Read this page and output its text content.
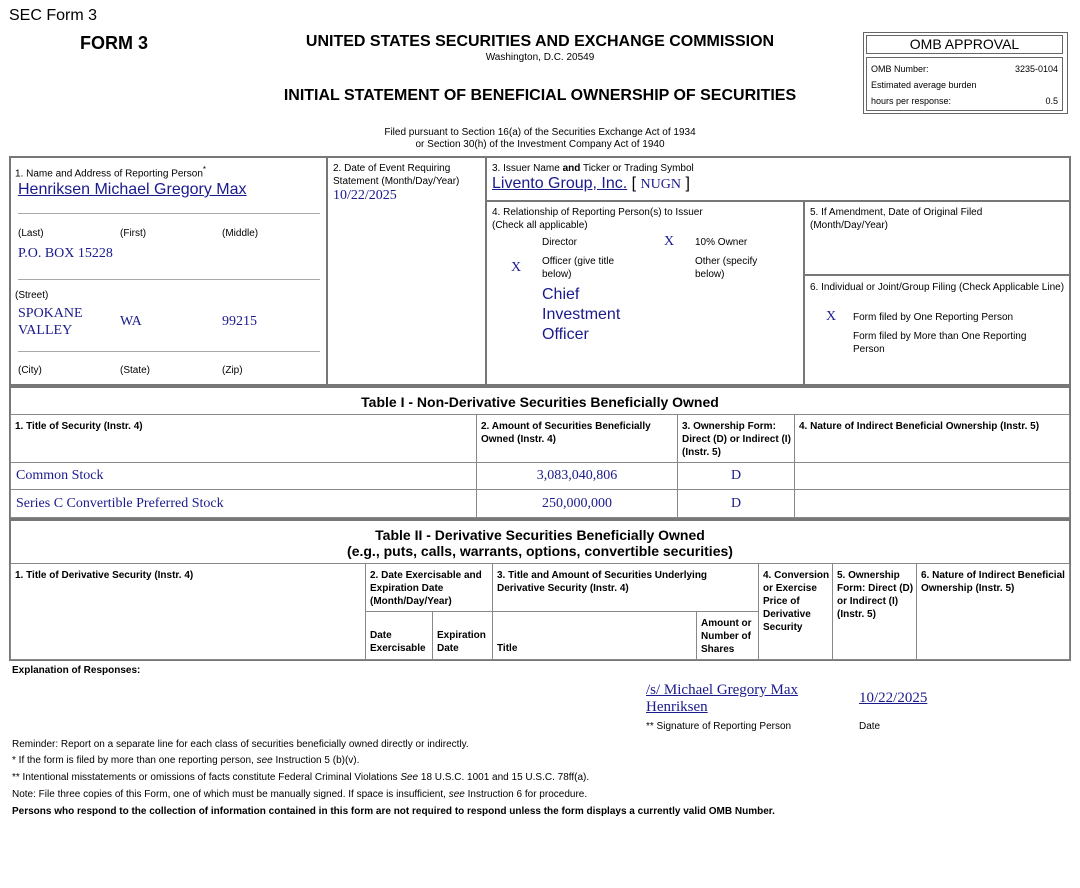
SEC Form 3
FORM 3	UNITED STATES SECURITIES AND EXCHANGE COMMISSION
Washington, D.C. 20549
INITIAL STATEMENT OF BENEFICIAL OWNERSHIP OF SECURITIES
Filed pursuant to Section 16(a) of the Securities Exchange Act of 1934
or Section 30(h) of the Investment Company Act of 1940
OMB APPROVAL
OMB Number:	3235-0104
Estimated average burden
hours per response:	0.5
1. Name and Address of Reporting Person*
Henriksen Michael Gregory Max
(Last)	(First)	(Middle)
P.O. BOX 15228
(Street)
SPOKANE VALLEY
WA	99215
(City)	(State)	(Zip)
2. Date of Event Requiring Statement (Month/Day/Year)
10/22/2025
3. Issuer Name and Ticker or Trading Symbol
Livento Group, Inc. [ NUGN ]
4. Relationship of Reporting Person(s) to Issuer
(Check all applicable)
Director	X 10% Owner
X Officer (give title below)
Other (specify below)
Chief Investment Officer
5. If Amendment, Date of Original Filed (Month/Day/Year)
6. Individual or Joint/Group Filing (Check Applicable Line)
X Form filed by One Reporting Person
Form filed by More than One Reporting Person
Table I - Non-Derivative Securities Beneficially Owned
1. Title of Security (Instr. 4)	2. Amount of Securities Beneficially Owned (Instr. 4)
3. Ownership Form: Direct (D) or Indirect (I) (Instr. 5)
4. Nature of Indirect Beneficial Ownership (Instr. 5)
Common Stock	3,083,040,806	D
Series C Convertible Preferred Stock	250,000,000	D
Table II - Derivative Securities Beneficially Owned
(e.g., puts, calls, warrants, options, convertible securities)
1. Title of Derivative Security (Instr. 4)	2. Date Exercisable and Expiration Date (Month/Day/Year)
Date Exercisable
Expiration Date
3. Title and Amount of Securities Underlying Derivative Security (Instr. 4)
Title
Amount or Number of Shares
4. Conversion or Exercise Price of Derivative Security
5. Ownership Form: Direct (D) or Indirect (I) (Instr. 5)
6. Nature of Indirect Beneficial Ownership (Instr. 5)
Explanation of Responses:
/s/ Michael Gregory Max Henriksen
** Signature of Reporting Person
10/22/2025
Date
Reminder: Report on a separate line for each class of securities beneficially owned directly or indirectly.
* If the form is filed by more than one reporting person, see Instruction 5 (b)(v).
** Intentional misstatements or omissions of facts constitute Federal Criminal Violations See 18 U.S.C. 1001 and 15 U.S.C. 78ff(a).
Note: File three copies of this Form, one of which must be manually signed. If space is insufficient, see Instruction 6 for procedure.
Persons who respond to the collection of information contained in this form are not required to respond unless the form displays a currently valid OMB Number.
